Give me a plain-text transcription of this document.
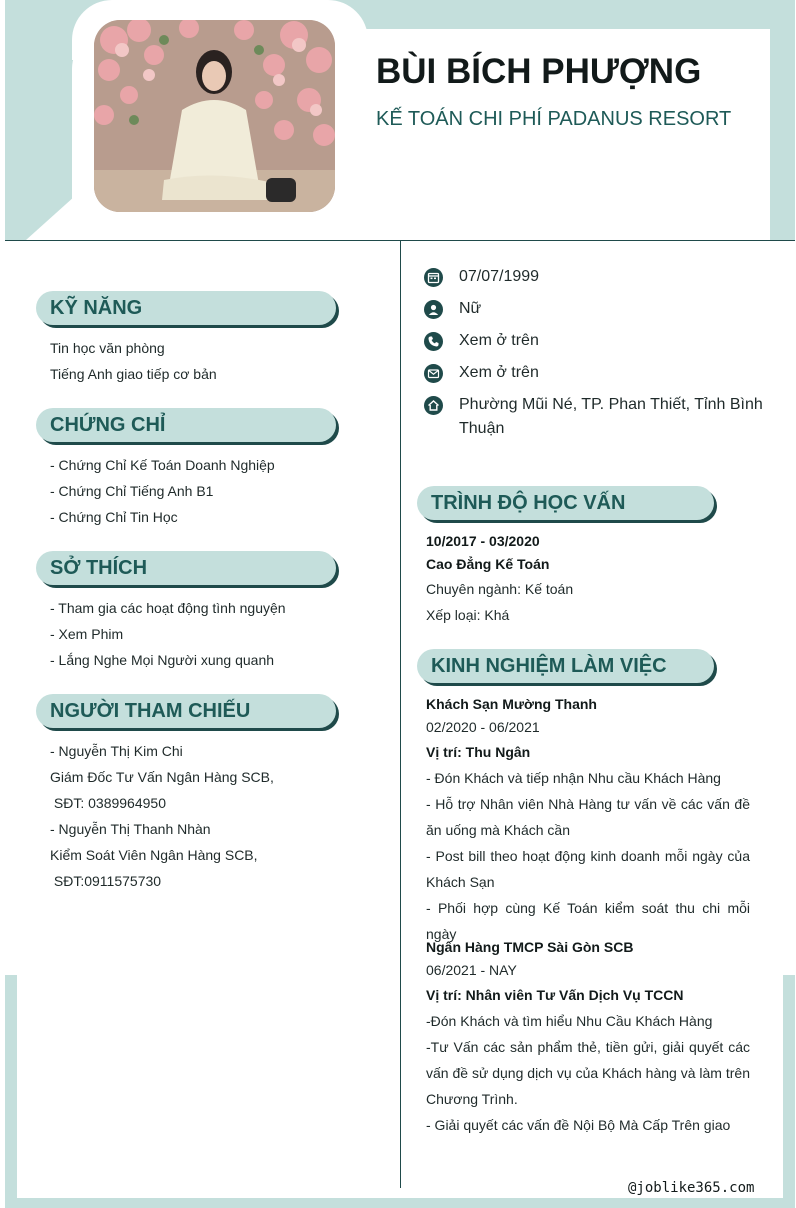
BÙI BÍCH PHƯỢNG
KẾ TOÁN CHI PHÍ PADANUS RESORT
07/07/1999
Nữ
Xem ở trên
Xem ở trên
Phường Mũi Né, TP. Phan Thiết, Tỉnh Bình
Thuận
KỸ NĂNG
Tin học văn phòng
Tiếng Anh giao tiếp cơ bản
CHỨNG CHỈ
- Chứng Chỉ Kế Toán Doanh Nghiệp
- Chứng Chỉ Tiếng Anh B1
- Chứng Chỉ Tin Học
SỞ THÍCH
- Tham gia các hoạt động tình nguyện
- Xem Phim
- Lắng Nghe Mọi Người xung quanh
NGƯỜI THAM CHIẾU
- Nguyễn Thị Kim Chi
Giám Đốc Tư Vấn Ngân Hàng SCB,
SĐT: 0389964950
- Nguyễn Thị Thanh Nhàn
Kiểm Soát Viên Ngân Hàng SCB,
SĐT:0911575730
TRÌNH ĐỘ HỌC VẤN
10/2017 - 03/2020
Cao Đẳng Kế Toán
Chuyên ngành: Kế toán
Xếp loại: Khá
KINH NGHIỆM LÀM VIỆC
Khách Sạn Mường Thanh
02/2020 - 06/2021
Vị trí: Thu Ngân
- Đón Khách và tiếp nhận Nhu cầu Khách Hàng
- Hỗ trợ Nhân viên Nhà Hàng tư vấn về các vấn đề ăn uống mà Khách cần
- Post bill theo hoạt động kinh doanh mỗi ngày của Khách Sạn
- Phối hợp cùng Kế Toán kiểm soát thu chi mỗi ngày
Ngân Hàng TMCP Sài Gòn SCB
06/2021 - NAY
Vị trí: Nhân viên Tư Vấn Dịch Vụ TCCN
-Đón Khách và tìm hiểu Nhu Cầu Khách Hàng
-Tư Vấn các sản phẩm thẻ, tiền gửi, giải quyết các vấn đề sử dụng dịch vụ của Khách hàng và làm trên Chương Trình.
- Giải quyết các vấn đề Nội Bộ Mà Cấp Trên giao
@joblike365.com
